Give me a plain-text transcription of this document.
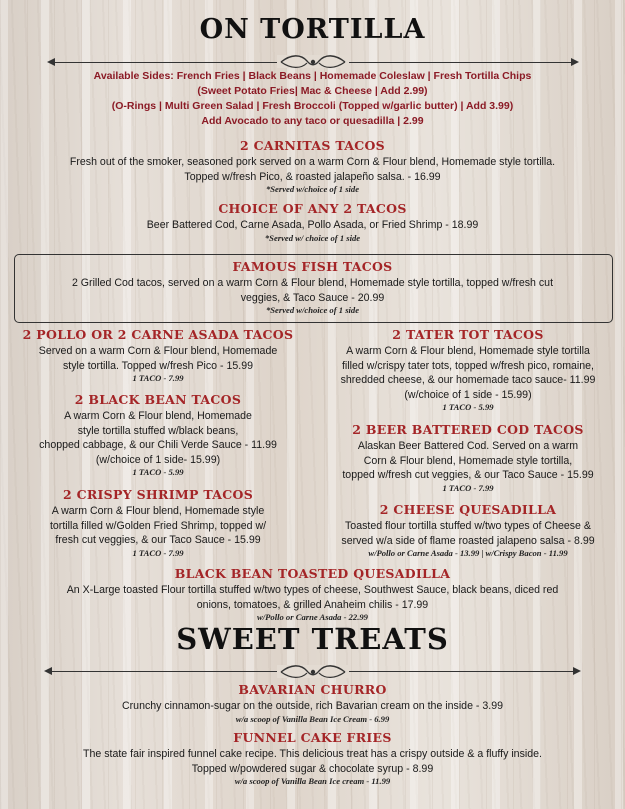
ON TORTILLA
Available Sides: French Fries | Black Beans | Homemade Coleslaw | Fresh Tortilla Chips
(Sweet Potato Fries| Mac & Cheese | Add 2.99)
(O-Rings | Multi Green Salad | Fresh Broccoli (Topped w/garlic butter) | Add 3.99)
Add Avocado to any taco or quesadilla | 2.99
2 CARNITAS TACOS
Fresh out of the smoker, seasoned pork served on a warm Corn & Flour blend, Homemade style tortilla.
Topped w/fresh Pico, & roasted jalapeño salsa. - 16.99
*Served w/choice of 1 side
CHOICE OF ANY 2 TACOS
Beer Battered Cod, Carne Asada, Pollo Asada, or Fried Shrimp - 18.99
*Served w/ choice of 1 side
FAMOUS FISH TACOS
2 Grilled Cod tacos, served on a warm Corn & Flour blend, Homemade style tortilla, topped w/fresh cut
veggies, & Taco Sauce - 20.99
*Served w/choice of 1 side
2 POLLO OR 2 CARNE ASADA TACOS
Served on a warm Corn & Flour blend, Homemade
style tortilla. Topped w/fresh Pico - 15.99
1 TACO - 7.99
2 BLACK BEAN TACOS
A warm Corn & Flour blend, Homemade
style tortilla stuffed w/black beans,
chopped cabbage, & our Chili Verde Sauce - 11.99
(w/choice of 1 side- 15.99)
1 TACO - 5.99
2 CRISPY SHRIMP TACOS
A warm Corn & Flour blend, Homemade style
tortilla filled w/Golden Fried Shrimp, topped w/
fresh cut veggies, & our Taco Sauce - 15.99
1 TACO - 7.99
2 TATER TOT TACOS
A warm Corn & Flour blend, Homemade style tortilla
filled w/crispy tater tots, topped w/fresh pico, romaine,
shredded cheese, & our homemade taco sauce- 11.99
(w/choice of 1 side - 15.99)
1 TACO - 5.99
2 BEER BATTERED COD TACOS
Alaskan Beer Battered Cod. Served on a warm
Corn & Flour blend, Homemade style tortilla,
topped w/fresh cut veggies, & our Taco Sauce - 15.99
1 TACO - 7.99
2 CHEESE QUESADILLA
Toasted flour tortilla stuffed w/two types of Cheese &
served w/a side of flame roasted jalapeno salsa - 8.99
w/Pollo or Carne Asada - 13.99 | w/Crispy Bacon - 11.99
BLACK BEAN TOASTED QUESADILLA
An X-Large toasted Flour tortilla stuffed w/two types of cheese, Southwest Sauce, black beans, diced red
onions, tomatoes, & grilled Anaheim chilis - 17.99
w/Pollo or Carne Asada - 22.99
SWEET TREATS
BAVARIAN CHURRO
Crunchy cinnamon-sugar on the outside, rich Bavarian cream on the inside - 3.99
w/a scoop of Vanilla Bean Ice Cream - 6.99
FUNNEL CAKE FRIES
The state fair inspired funnel cake recipe. This delicious treat has a crispy outside & a fluffy inside.
Topped w/powdered sugar & chocolate syrup - 8.99
w/a scoop of Vanilla Bean Ice cream - 11.99
